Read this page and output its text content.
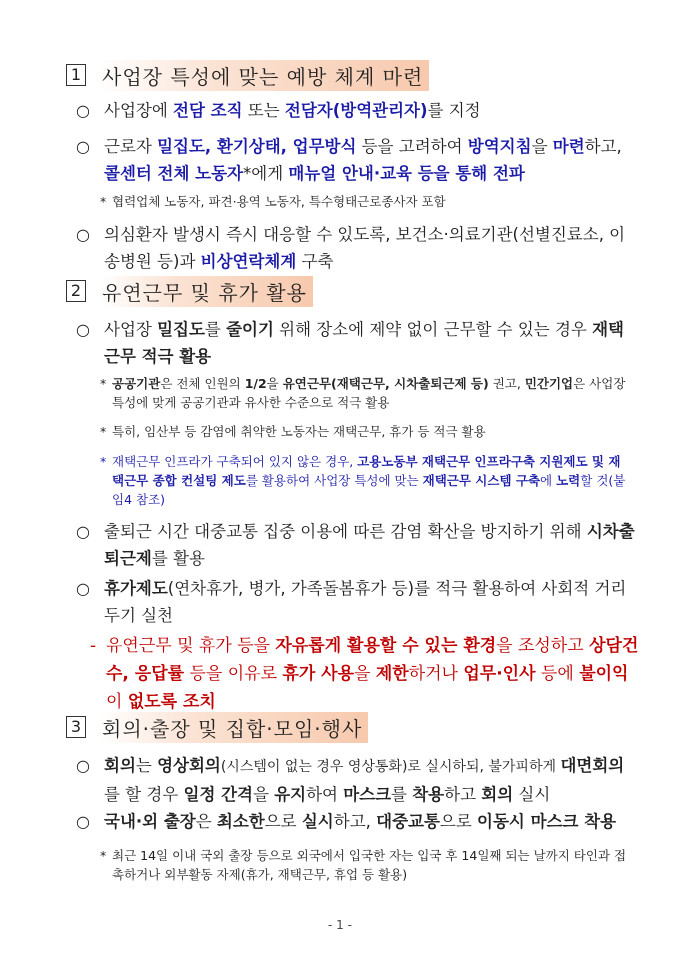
1 사업장 특성에 맞는 예방 체계 마련
○ 사업장에 전담 조직 또는 전담자(방역관리자)를 지정
○ 근로자 밀집도, 환기상태, 업무방식 등을 고려하여 방역지침을 마련하고, 콜센터 전체 노동자*에게 매뉴얼 안내·교육 등을 통해 전파
* 협력업체 노동자, 파견·용역 노동자, 특수형태근로종사자 포함
○ 의심환자 발생시 즉시 대응할 수 있도록, 보건소·의료기관(선별진료소, 이송병원 등)과 비상연락체계 구축
2 유연근무 및 휴가 활용
○ 사업장 밀집도를 줄이기 위해 장소에 제약 없이 근무할 수 있는 경우 재택근무 적극 활용
* 공공기관은 전체 인원의 1/2을 유연근무(재택근무, 시차출퇴근제 등) 권고, 민간기업은 사업장 특성에 맞게 공공기관과 유사한 수준으로 적극 활용
* 특히, 임산부 등 감염에 취약한 노동자는 재택근무, 휴가 등 적극 활용
* 재택근무 인프라가 구축되어 있지 않은 경우, 고용노동부 재택근무 인프라구축 지원제도 및 재택근무 종합 컨설팅 제도를 활용하여 사업장 특성에 맞는 재택근무 시스템 구축에 노력할 것(붙임4 참조)
○ 출퇴근 시간 대중교통 집중 이용에 따른 감염 확산을 방지하기 위해 시차출퇴근제를 활용
○ 휴가제도(연차휴가, 병가, 가족돌봄휴가 등)를 적극 활용하여 사회적 거리두기 실천
- 유연근무 및 휴가 등을 자유롭게 활용할 수 있는 환경을 조성하고 상담건수, 응답률 등을 이유로 휴가 사용을 제한하거나 업무·인사 등에 불이익이 없도록 조치
3 회의·출장 및 집합·모임·행사
○ 회의는 영상회의(시스템이 없는 경우 영상통화)로 실시하되, 불가피하게 대면회의를 할 경우 일정 간격을 유지하여 마스크를 착용하고 회의 실시
○ 국내·외 출장은 최소한으로 실시하고, 대중교통으로 이동시 마스크 착용
* 최근 14일 이내 국외 출장 등으로 외국에서 입국한 자는 입국 후 14일째 되는 날까지 타인과 접촉하거나 외부활동 자제(휴가, 재택근무, 휴업 등 활용)
- 1 -
